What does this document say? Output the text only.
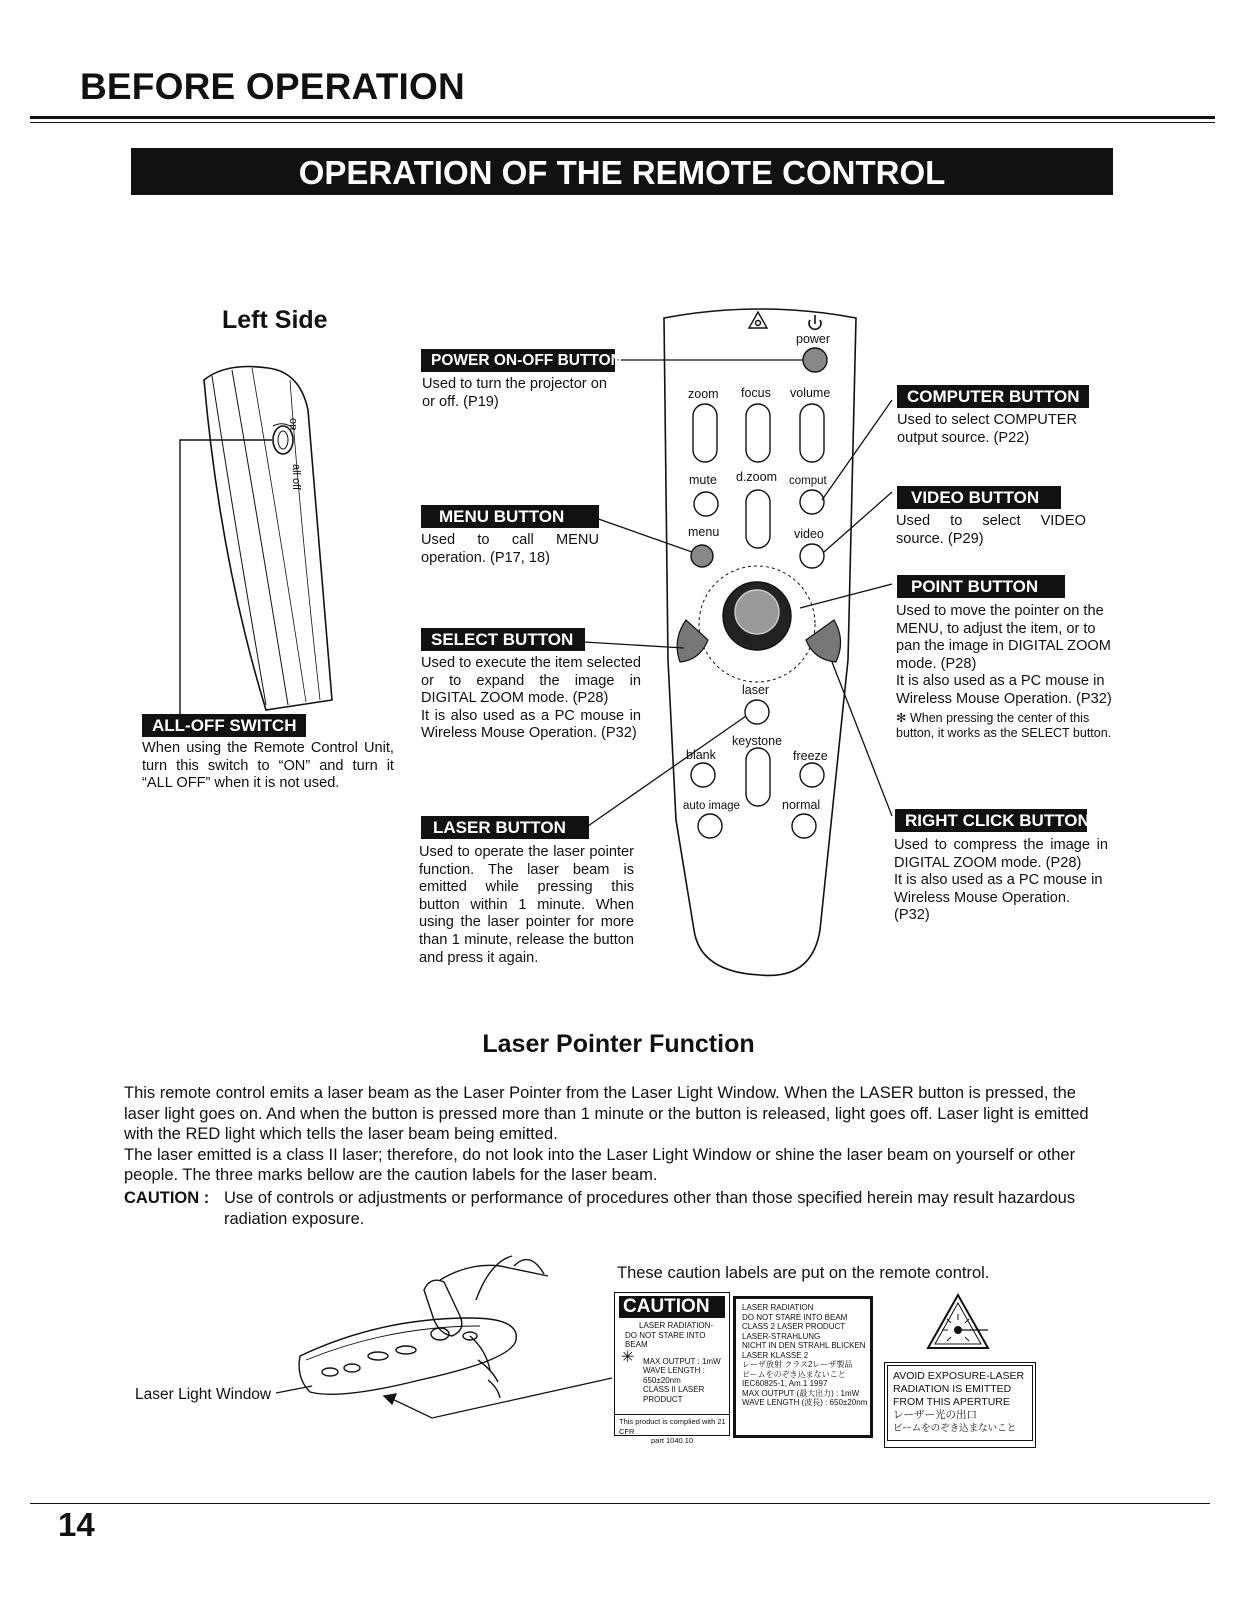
BEFORE OPERATION
OPERATION OF THE REMOTE CONTROL
Left Side
on
all off
power
zoom focus volume
mute d.zoom comput
menu	video
laser
keystone
blank	freeze
auto image	normal
ALL-OFF SWITCH
When using the Remote Control Unit, turn this switch to “ON” and turn it “ALL OFF” when it is not used.
POWER ON-OFF BUTTON
Used to turn the projector on or off. (P19)
MENU BUTTON
Used to call MENU operation. (P17, 18)
SELECT BUTTON
Used to execute the item selected or to expand the image in DIGITAL ZOOM mode. (P28)
It is also used as a PC mouse in Wireless Mouse Operation. (P32)
LASER BUTTON
Used to operate the laser pointer function. The laser beam is emitted while pressing this button within 1 minute. When using the laser pointer for more than 1 minute, release the button and press it again.
COMPUTER BUTTON
Used to select COMPUTER output source. (P22)
VIDEO BUTTON
Used to select VIDEO source. (P29)
POINT BUTTON
Used to move the pointer on the MENU, to adjust the item, or to pan the image in DIGITAL ZOOM mode. (P28)
It is also used as a PC mouse in Wireless Mouse Operation. (P32)
✻ When pressing the center of this button, it works as the SELECT button.
RIGHT CLICK BUTTON
Used to compress the image in DIGITAL ZOOM mode. (P28)
It is also used as a PC mouse in Wireless Mouse Operation. (P32)
Laser Pointer Function

This remote control emits a laser beam as the Laser Pointer from the Laser Light Window. When the LASER button is pressed, the laser light goes on. And when the button is pressed more than 1 minute or the button is released, light goes off. Laser light is emitted with the RED light which tells the laser beam being emitted.

The laser emitted is a class II laser; therefore, do not look into the Laser Light Window or shine the laser beam on yourself or other people. The three marks bellow are the caution labels for the laser beam.

CAUTION : Use of controls or adjustments or performance of procedures other than those specified herein may result hazardous radiation exposure.
These caution labels are put on the remote control.
Laser Light Window
CAUTION
LASER RADIATION-
DO NOT STARE INTO BEAM
✳	MAX OUTPUT : 1mW
WAVE LENGTH : 650±20nm
CLASS II LASER PRODUCT
This product is complied with 21 CFR
part 1040.10
LASER RADIATION
DO NOT STARE INTO BEAM
CLASS 2 LASER PRODUCT
LASER-STRAHLUNG
NICHT IN DEN STRAHL BLICKEN
LASER KLASSE 2
レーザ放射 クラス2レーザ製品
ビームをのぞき込まないこと
IEC60825-1, Am.1 1997
MAX OUTPUT (最大出力) : 1mW
WAVE LENGTH (波長) : 650±20nm
AVOID EXPOSURE-LASER
RADIATION IS EMITTED
FROM THIS APERTURE
レーザー光の出口
ビームをのぞき込まないこと
14
